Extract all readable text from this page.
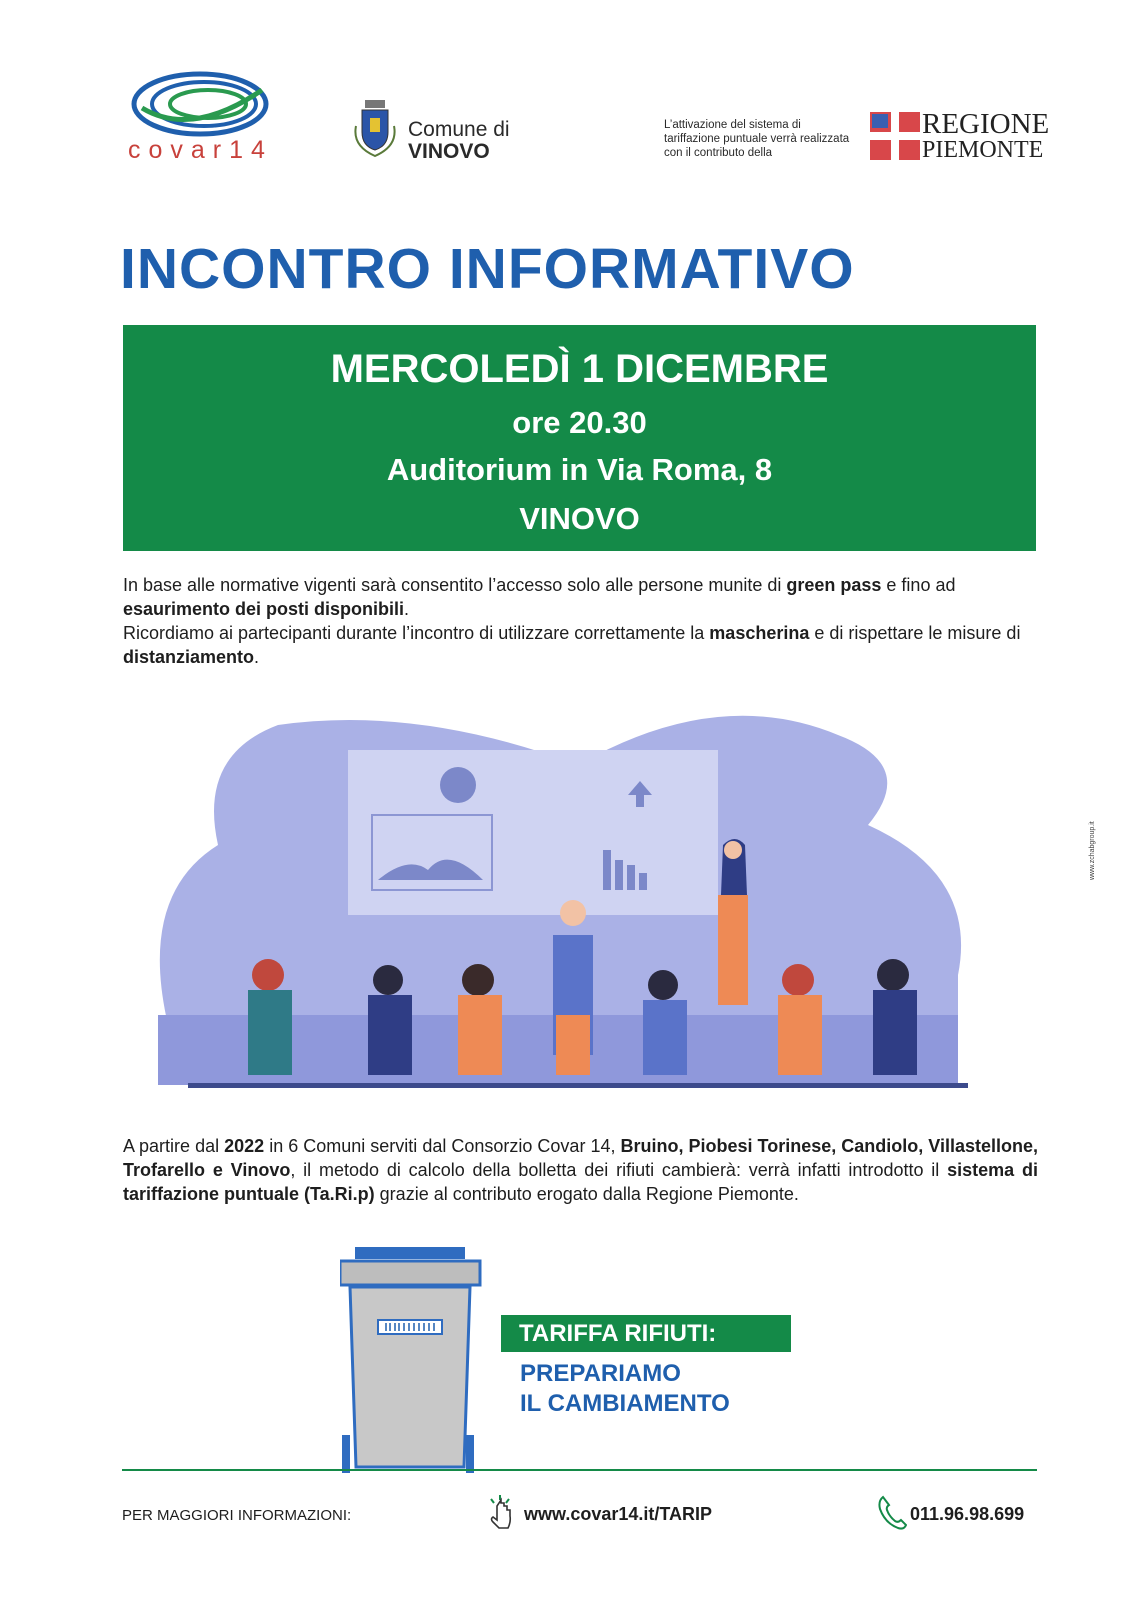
covar14
Comune di
VINOVO
L’attivazione del sistema di tariffazione puntuale verrà realizzata con il contributo della
REGIONE
PIEMONTE
INCONTRO INFORMATIVO
MERCOLEDÌ 1 DICEMBRE
ore 20.30
Auditorium in Via Roma, 8
VINOVO
In base alle normative vigenti sarà consentito l’accesso solo alle persone munite di green pass e fino ad esaurimento dei posti disponibili.
Ricordiamo ai partecipanti durante l’incontro di utilizzare correttamente la mascherina e di rispettare le misure di distanziamento.
A partire dal 2022 in 6 Comuni serviti dal Consorzio Covar 14, Bruino, Piobesi Torinese, Candiolo, Villastellone, Trofarello e Vinovo, il metodo di calcolo della bolletta dei rifiuti cambierà: verrà infatti introdotto il sistema di tariffazione puntuale (Ta.Ri.p) grazie al contributo erogato dalla Regione Piemonte.
TARIFFA RIFIUTI:
PREPARIAMO
IL CAMBIAMENTO
PER MAGGIORI INFORMAZIONI:	www.covar14.it/TARIP	011.96.98.699
www.zchabgroup.it
